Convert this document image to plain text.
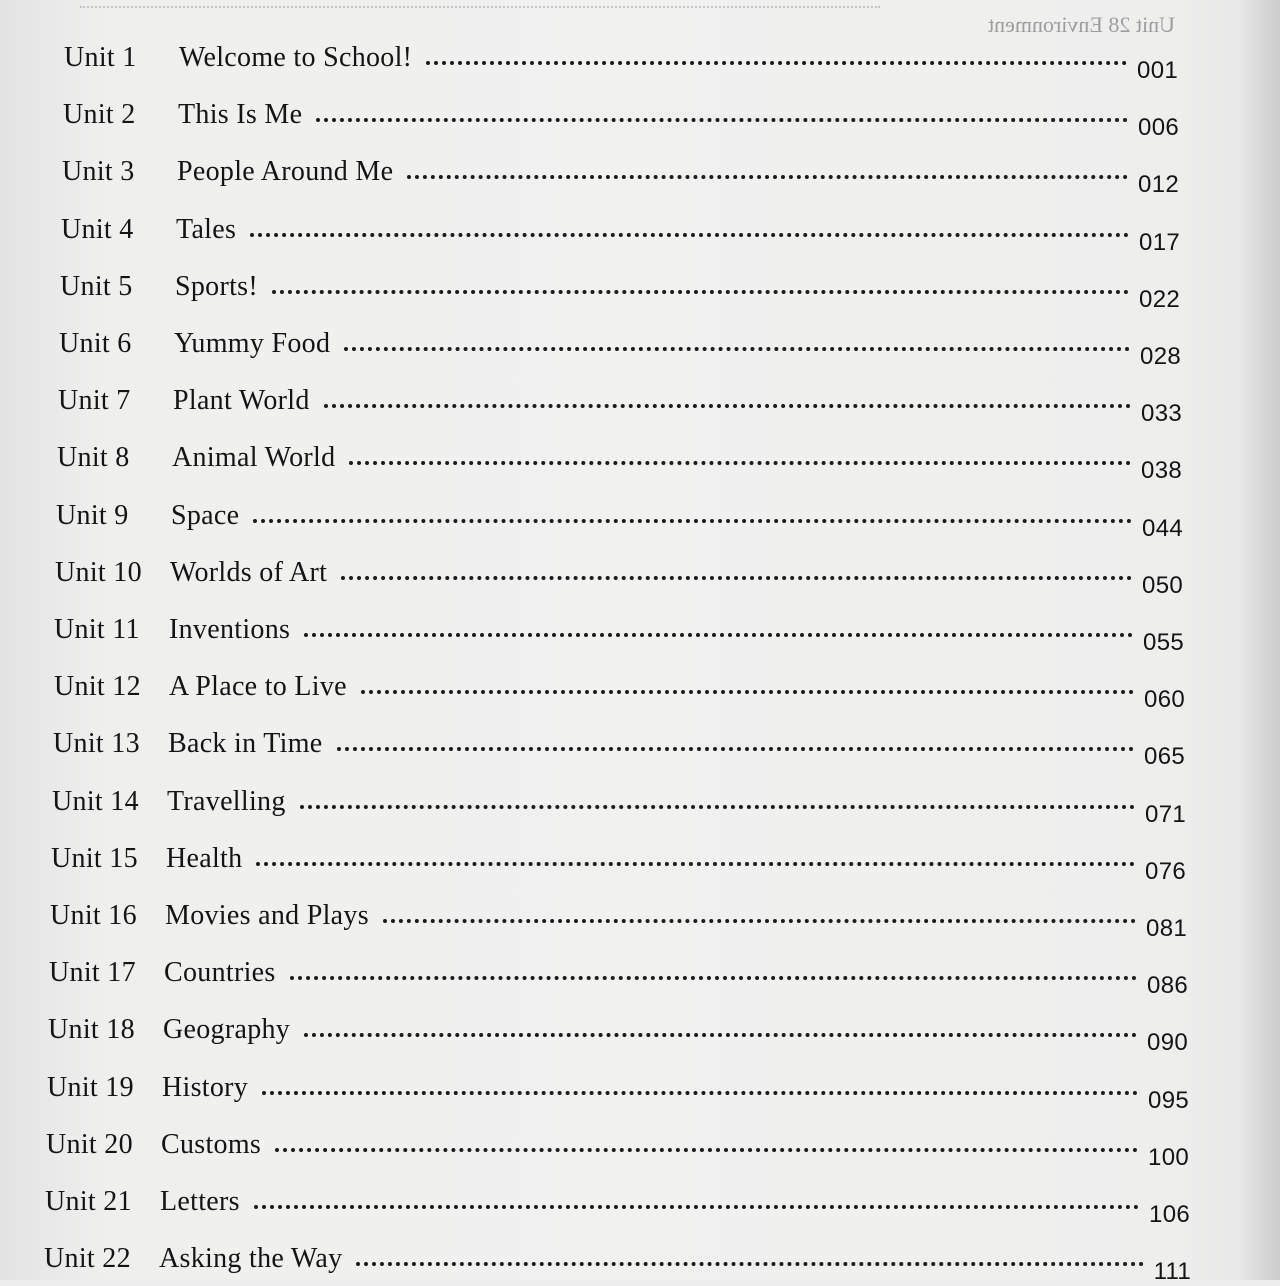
Unit 28 Environment
Unit 1	Welcome to School!	001
Unit 2	This Is Me	006
Unit 3	People Around Me	012
Unit 4	Tales	017
Unit 5	Sports!	022
Unit 6	Yummy Food	028
Unit 7	Plant World	033
Unit 8	Animal World	038
Unit 9	Space	044
Unit 10	Worlds of Art	050
Unit 11	Inventions	055
Unit 12	A Place to Live	060
Unit 13	Back in Time	065
Unit 14	Travelling	071
Unit 15	Health	076
Unit 16	Movies and Plays	081
Unit 17	Countries	086
Unit 18	Geography	090
Unit 19	History	095
Unit 20	Customs	100
Unit 21	Letters	106
Unit 22	Asking the Way	111
